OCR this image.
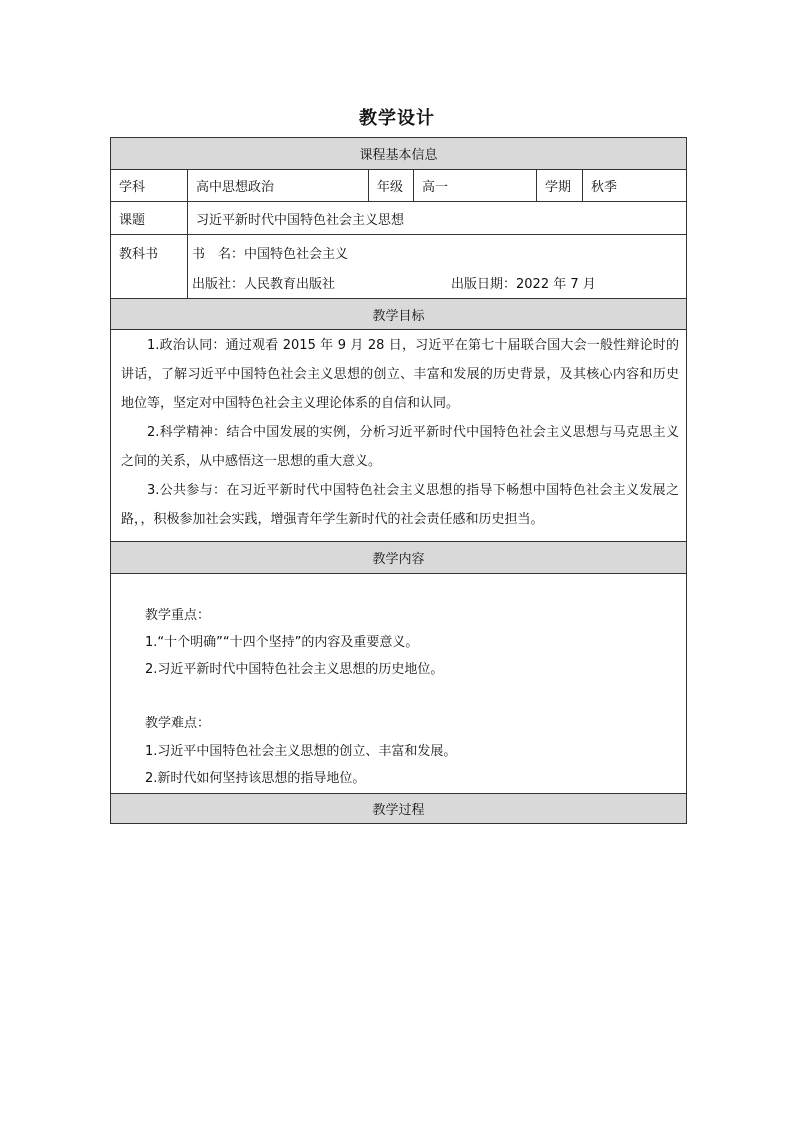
教学设计
课程基本信息
学科	高中思想政治	年级	高一	学期	秋季
课题	习近平新时代中国特色社会主义思想
教科书	书　名：中国特色社会主义
出版社：人民教育出版社	出版日期：2022 年 7 月
教学目标
1.政治认同：通过观看 2015 年 9 月 28 日，习近平在第七十届联合国大会一般性辩论时的讲话，了解习近平中国特色社会主义思想的创立、丰富和发展的历史背景，及其核心内容和历史地位等，坚定对中国特色社会主义理论体系的自信和认同。
2.科学精神：结合中国发展的实例，分析习近平新时代中国特色社会主义思想与马克思主义之间的关系，从中感悟这一思想的重大意义。
3.公共参与：在习近平新时代中国特色社会主义思想的指导下畅想中国特色社会主义发展之路，，积极参加社会实践，增强青年学生新时代的社会责任感和历史担当。
教学内容
教学重点：
1.“十个明确”“十四个坚持”的内容及重要意义。
2.习近平新时代中国特色社会主义思想的历史地位。
教学难点：
1.习近平中国特色社会主义思想的创立、丰富和发展。
2.新时代如何坚持该思想的指导地位。
教学过程
